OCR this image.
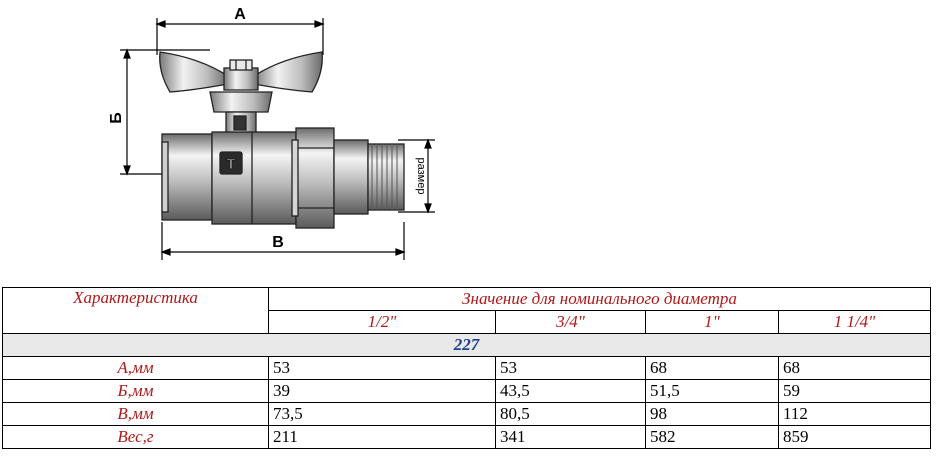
А
Б
В
размер
T
Характеристика	Значение для номинального диаметра			
	1/2"	3/4"	1"	1 1/4"
227				
А,мм	53	53	68	68
Б,мм	39	43,5	51,5	59
В,мм	73,5	80,5	98	112
Вес,г	211	341	582	859
